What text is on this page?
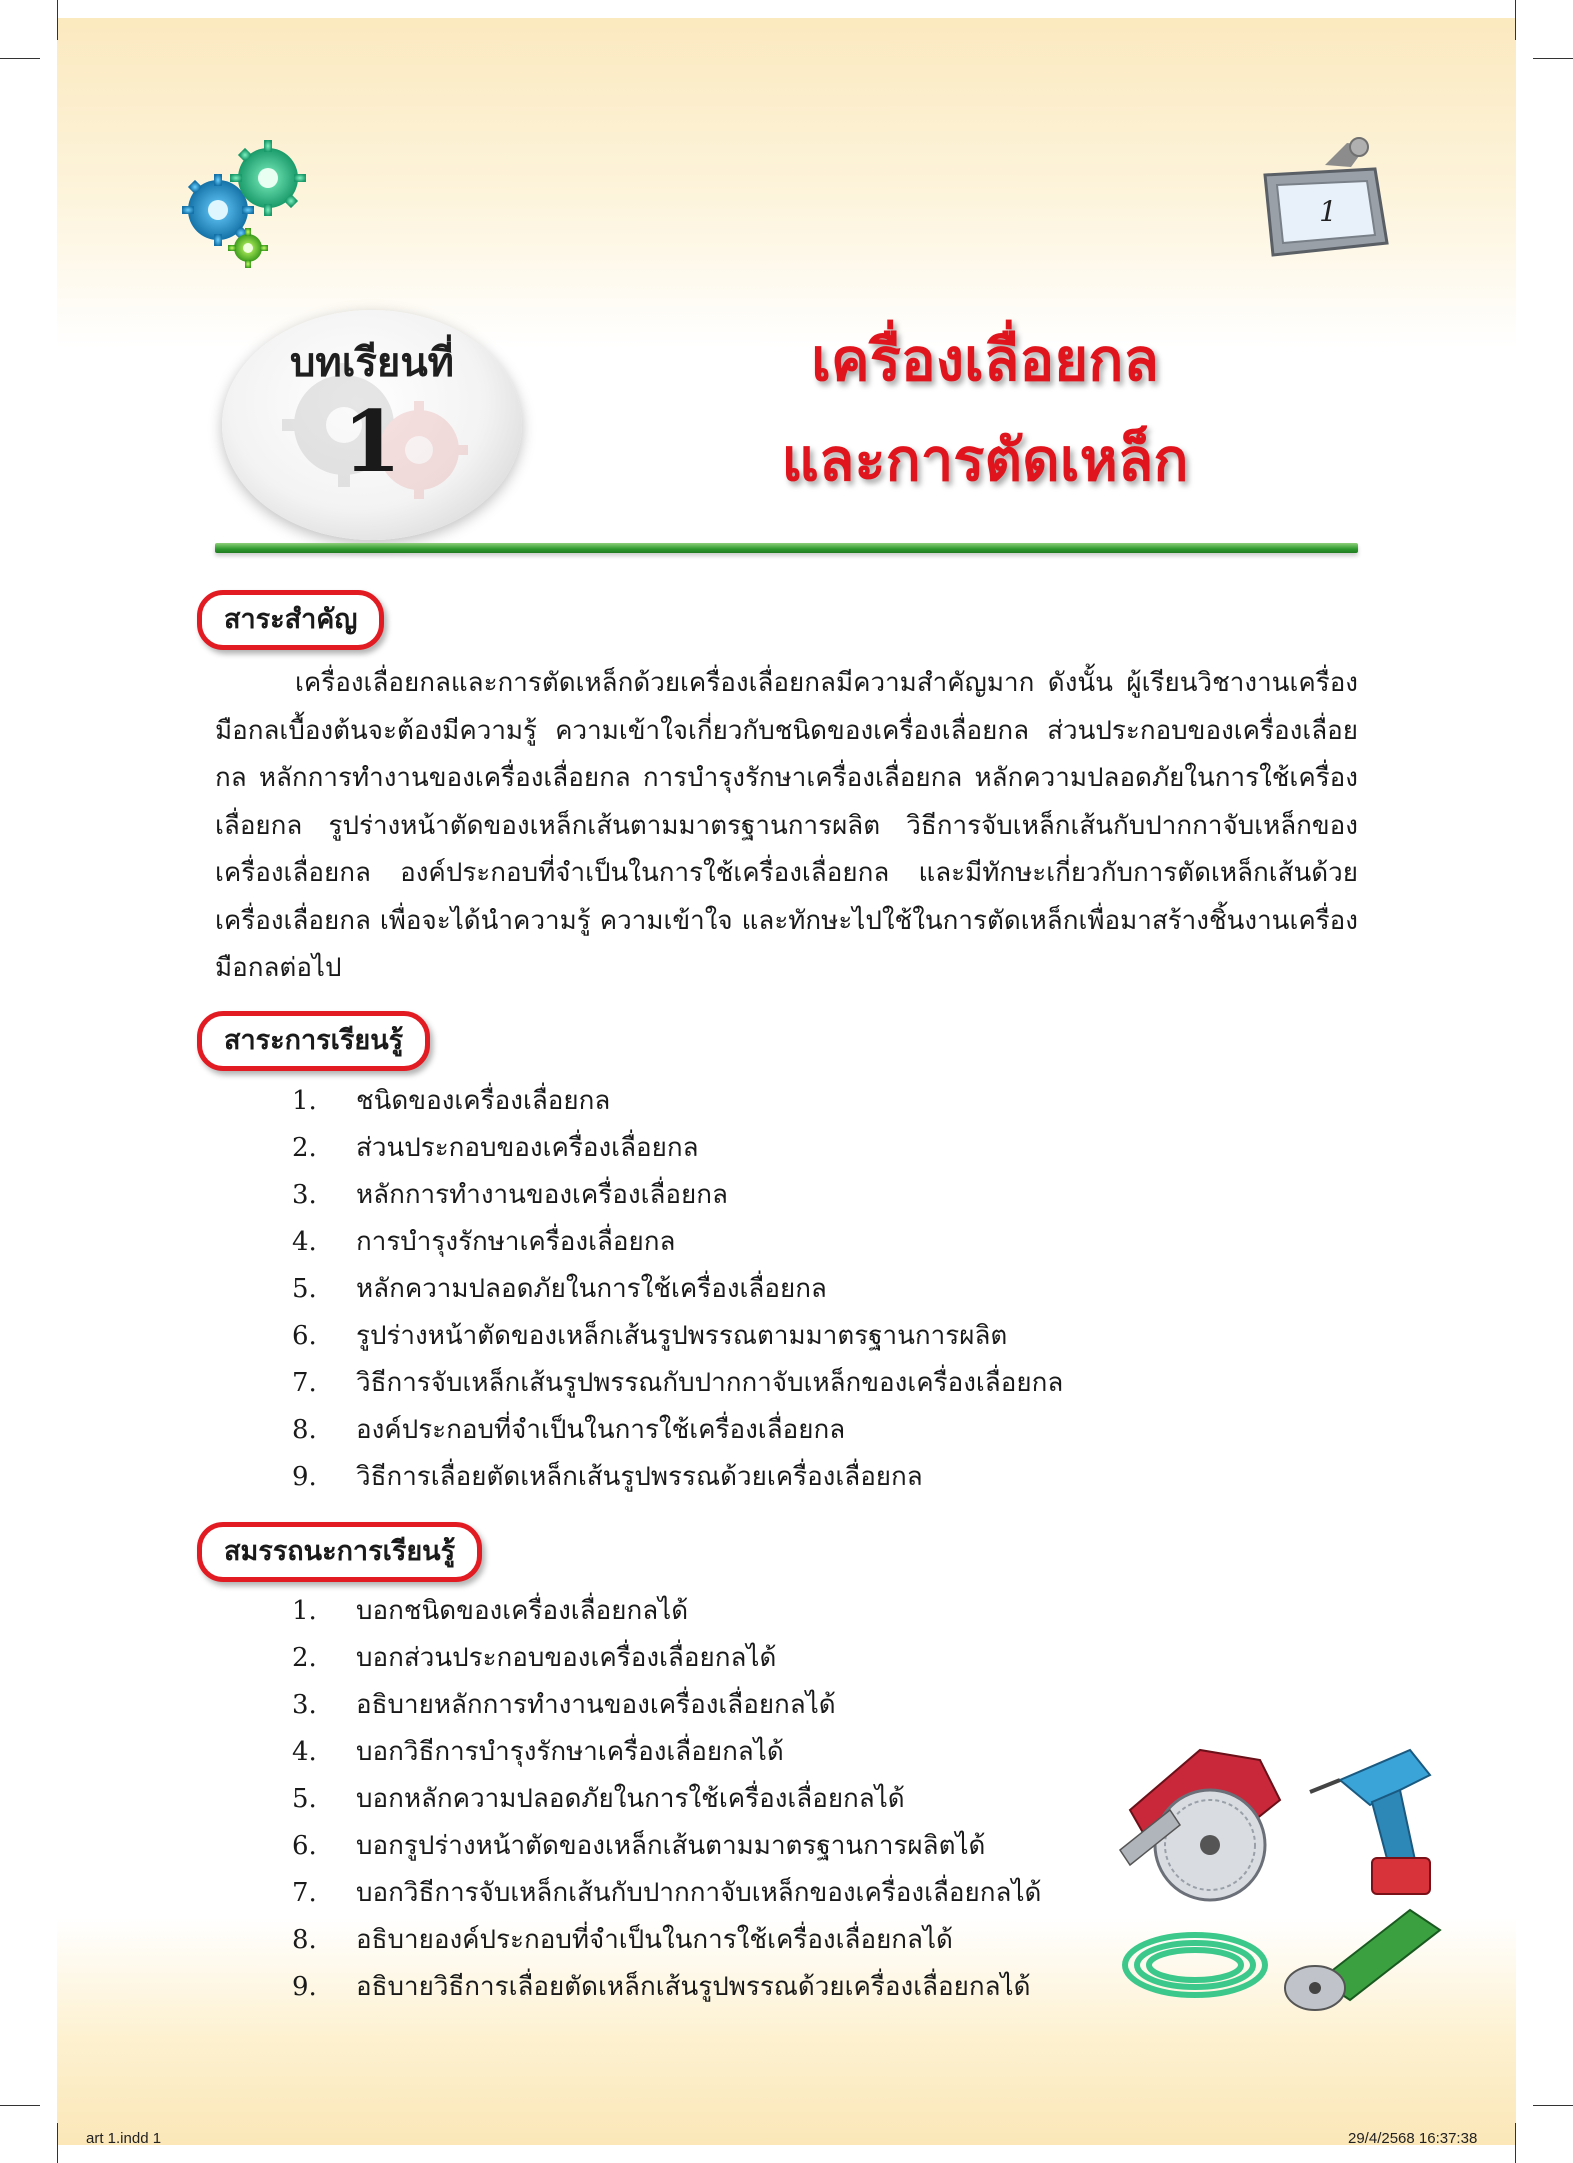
1
บทเรียนที่
1
เครื่องเลื่อยกล
และการตัดเหล็ก
สาระสำคัญ

เครื่องเลื่อยกลและการตัดเหล็กด้วยเครื่องเลื่อยกลมีความสำคัญมาก ดังนั้น ผู้เรียนวิชางานเครื่องมือกลเบื้องต้นจะต้องมีความรู้ ความเข้าใจเกี่ยวกับชนิดของเครื่องเลื่อยกล ส่วนประกอบของเครื่องเลื่อยกล หลักการทำงานของเครื่องเลื่อยกล การบำรุงรักษาเครื่องเลื่อยกล หลักความปลอดภัยในการใช้เครื่องเลื่อยกล รูปร่างหน้าตัดของเหล็กเส้นตามมาตรฐานการผลิต วิธีการจับเหล็กเส้นกับปากกาจับเหล็กของเครื่องเลื่อยกล องค์ประกอบที่จำเป็นในการใช้เครื่องเลื่อยกล และมีทักษะเกี่ยวกับการตัดเหล็กเส้นด้วยเครื่องเลื่อยกล เพื่อจะได้นำความรู้ ความเข้าใจ และทักษะไปใช้ในการตัดเหล็กเพื่อมาสร้างชิ้นงานเครื่องมือกลต่อไป

สาระการเรียนรู้
1. ชนิดของเครื่องเลื่อยกล
2. ส่วนประกอบของเครื่องเลื่อยกล
3. หลักการทำงานของเครื่องเลื่อยกล
4. การบำรุงรักษาเครื่องเลื่อยกล
5. หลักความปลอดภัยในการใช้เครื่องเลื่อยกล
6. รูปร่างหน้าตัดของเหล็กเส้นรูปพรรณตามมาตรฐานการผลิต
7. วิธีการจับเหล็กเส้นรูปพรรณกับปากกาจับเหล็กของเครื่องเลื่อยกล
8. องค์ประกอบที่จำเป็นในการใช้เครื่องเลื่อยกล
9. วิธีการเลื่อยตัดเหล็กเส้นรูปพรรณด้วยเครื่องเลื่อยกล
สมรรถนะการเรียนรู้
1. บอกชนิดของเครื่องเลื่อยกลได้
2. บอกส่วนประกอบของเครื่องเลื่อยกลได้
3. อธิบายหลักการทำงานของเครื่องเลื่อยกลได้
4. บอกวิธีการบำรุงรักษาเครื่องเลื่อยกลได้
5. บอกหลักความปลอดภัยในการใช้เครื่องเลื่อยกลได้
6. บอกรูปร่างหน้าตัดของเหล็กเส้นตามมาตรฐานการผลิตได้
7. บอกวิธีการจับเหล็กเส้นกับปากกาจับเหล็กของเครื่องเลื่อยกลได้
8. อธิบายองค์ประกอบที่จำเป็นในการใช้เครื่องเลื่อยกลได้
9. อธิบายวิธีการเลื่อยตัดเหล็กเส้นรูปพรรณด้วยเครื่องเลื่อยกลได้
art 1.indd 1	29/4/2568 16:37:38
